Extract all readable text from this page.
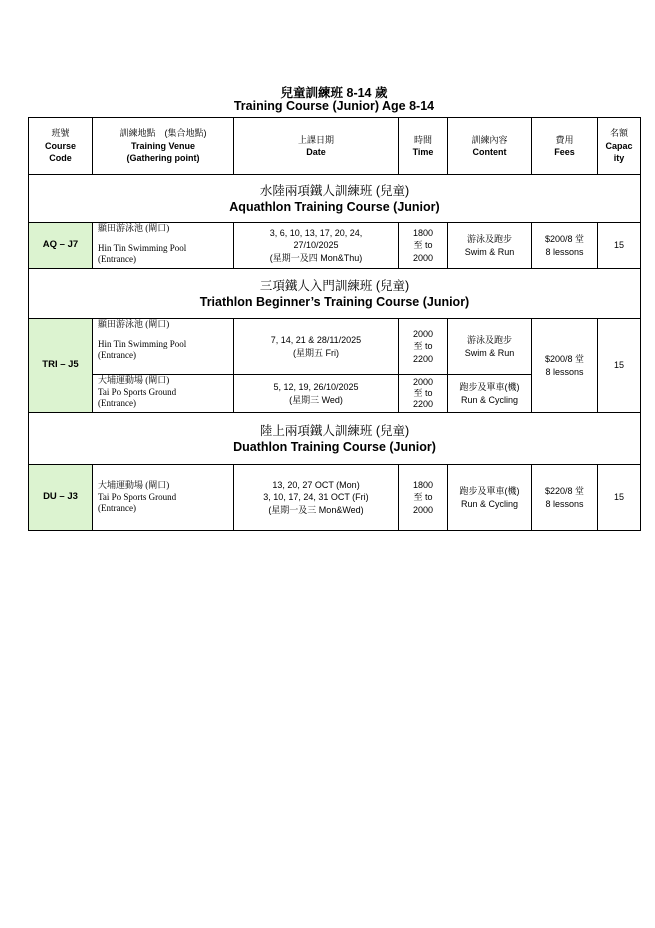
兒童訓練班 8-14 歲
Training Course (Junior) Age 8-14
班號
Course
Code	訓練地點　(集合地點)
Training Venue
(Gathering point)	上課日期
Date	時間
Time	訓練內容
Content	費用
Fees	名額
Capac
ity
水陸兩項鐵人訓練班 (兒童)
Aquathlon Training Course (Junior)						
AQ – J7	顯田游泳池 (閘口)
Hin Tin Swimming Pool
(Entrance)	3, 6, 10, 13, 17, 20, 24,
27/10/2025
(星期一及四 Mon&Thu)	1800
至 to
2000	游泳及跑步
Swim & Run	$200/8 堂
8 lessons	15
三項鐵人入門訓練班 (兒童)
Triathlon Beginner’s Training Course (Junior)						
TRI – J5	顯田游泳池 (閘口)
Hin Tin Swimming Pool
(Entrance)	7, 14, 21 & 28/11/2025
(星期五 Fri)	2000
至 to
2200	游泳及跑步
Swim & Run	$200/8 堂
8 lessons	15
	大埔運動場 (閘口)
Tai Po Sports Ground
(Entrance)	5, 12, 19, 26/10/2025
(星期三 Wed)	2000
至 to
2200	跑步及單車(機)
Run & Cycling		
陸上兩項鐵人訓練班 (兒童)
Duathlon Training Course (Junior)						
DU – J3	大埔運動場 (閘口)
Tai Po Sports Ground
(Entrance)	13, 20, 27 OCT (Mon)
3, 10, 17, 24, 31 OCT (Fri)
(星期一及三 Mon&Wed)	1800
至 to
2000	跑步及單車(機)
Run & Cycling	$220/8 堂
8 lessons	15
